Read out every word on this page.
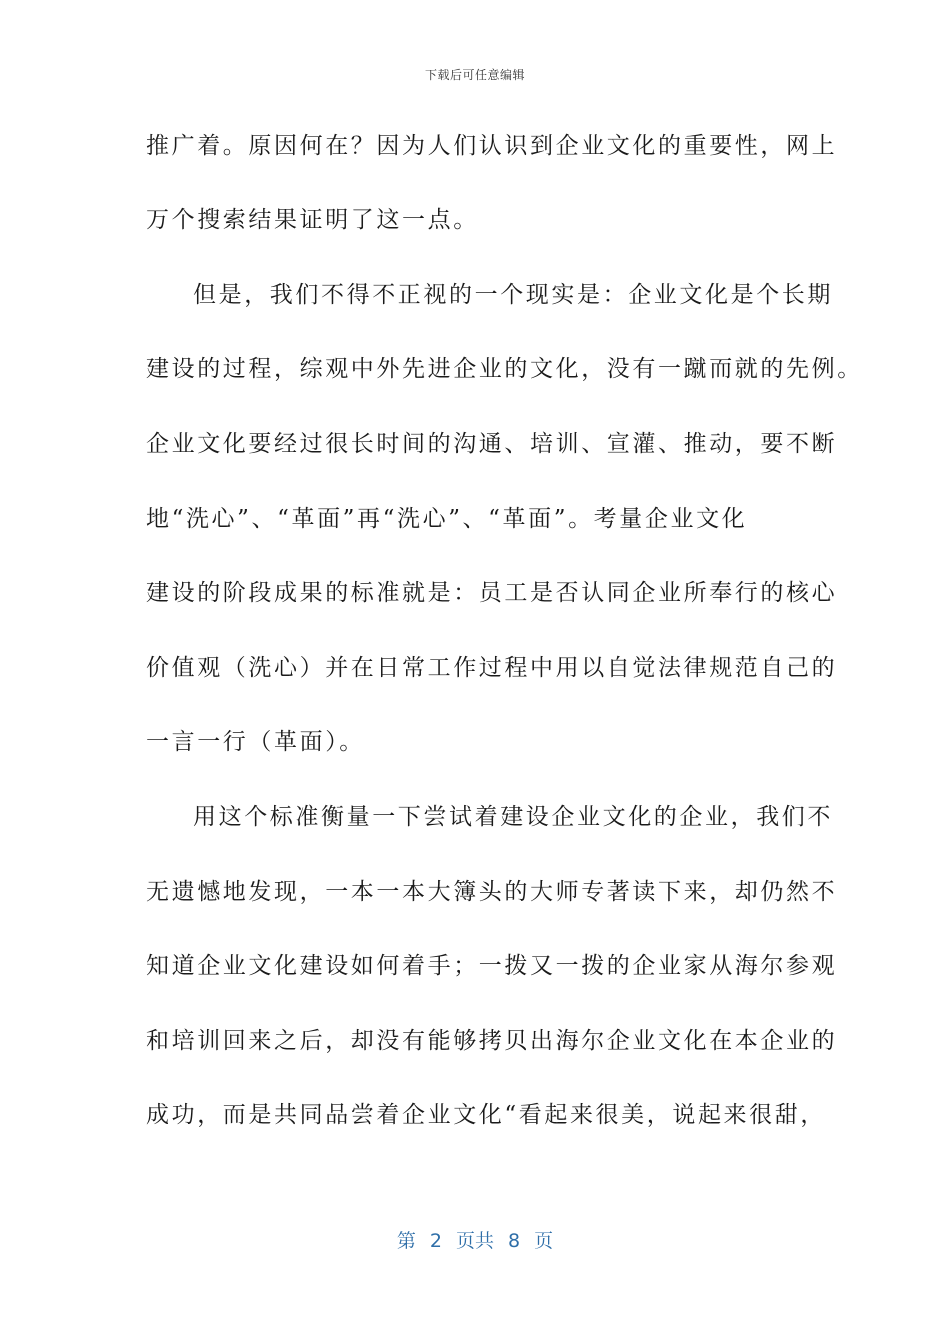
下载后可任意编辑
推广着。原因何在？因为人们认识到企业文化的重要性，网上
万个搜索结果证明了这一点。
但是，我们不得不正视的一个现实是：企业文化是个长期
建设的过程，综观中外先进企业的文化，没有一蹴而就的先例。
企业文化要经过很长时间的沟通、培训、宣灌、推动，要不断
地“洗心”、“革面”再“洗心”、“革面”。考量企业文化
建设的阶段成果的标准就是：员工是否认同企业所奉行的核心
价值观（洗心）并在日常工作过程中用以自觉法律规范自己的
一言一行（革面）。
用这个标准衡量一下尝试着建设企业文化的企业，我们不
无遗憾地发现，一本一本大簿头的大师专著读下来，却仍然不
知道企业文化建设如何着手；一拨又一拨的企业家从海尔参观
和培训回来之后，却没有能够拷贝出海尔企业文化在本企业的
成功，而是共同品尝着企业文化“看起来很美，说起来很甜，
第 2 页共 8 页
